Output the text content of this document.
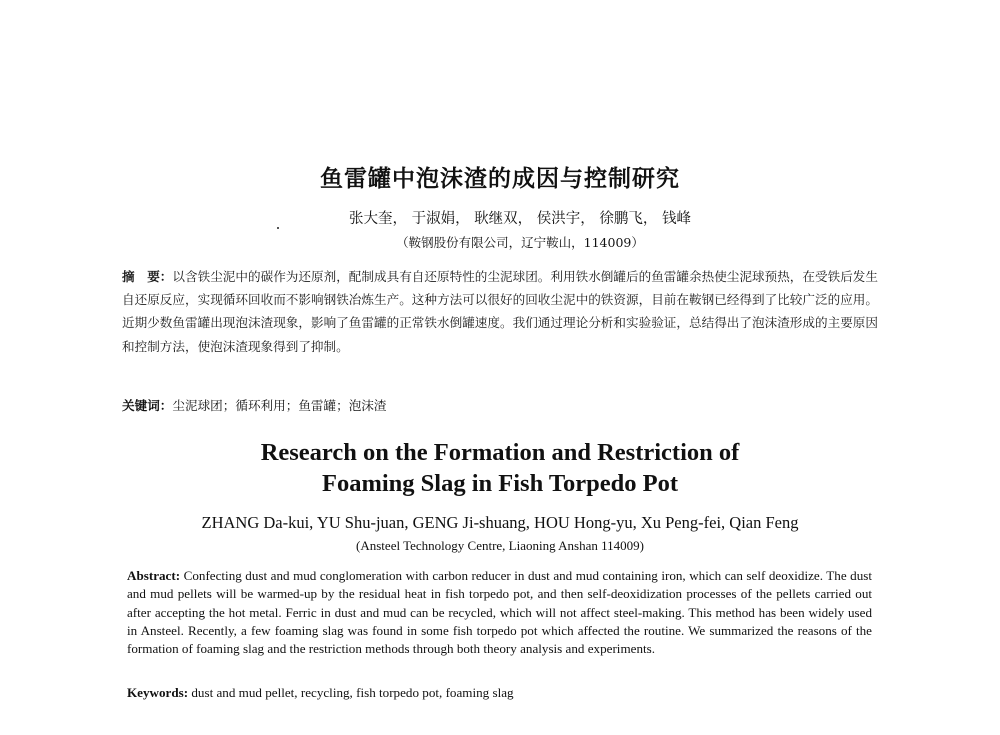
鱼雷罐中泡沫渣的成因与控制研究
张大奎， 于淑娟， 耿继双， 侯洪宇， 徐鹏飞， 钱峰
（鞍钢股份有限公司，辽宁鞍山，114009）
摘　要：以含铁尘泥中的碳作为还原剂，配制成具有自还原特性的尘泥球团。利用铁水倒罐后的鱼雷罐余热使尘泥球预热，在受铁后发生自还原反应，实现循环回收而不影响钢铁冶炼生产。这种方法可以很好的回收尘泥中的铁资源，目前在鞍钢已经得到了比较广泛的应用。近期少数鱼雷罐出现泡沫渣现象，影响了鱼雷罐的正常铁水倒罐速度。我们通过理论分析和实验验证，总结得出了泡沫渣形成的主要原因和控制方法，使泡沫渣现象得到了抑制。
关键词：尘泥球团；循环利用；鱼雷罐；泡沫渣
Research on the Formation and Restriction of
Foaming Slag in Fish Torpedo Pot
ZHANG Da-kui, YU Shu-juan, GENG Ji-shuang, HOU Hong-yu, Xu Peng-fei, Qian Feng
(Ansteel Technology Centre, Liaoning Anshan 114009)
Abstract: Confecting dust and mud conglomeration with carbon reducer in dust and mud containing iron, which can self deoxidize. The dust and mud pellets will be warmed-up by the residual heat in fish torpedo pot, and then self-deoxidization processes of the pellets carried out after accepting the hot metal. Ferric in dust and mud can be recycled, which will not affect steel-making. This method has been widely used in Ansteel. Recently, a few foaming slag was found in some fish torpedo pot which affected the routine. We summarized the reasons of the formation of foaming slag and the restriction methods through both theory analysis and experiments.
Keywords: dust and mud pellet, recycling, fish torpedo pot, foaming slag
